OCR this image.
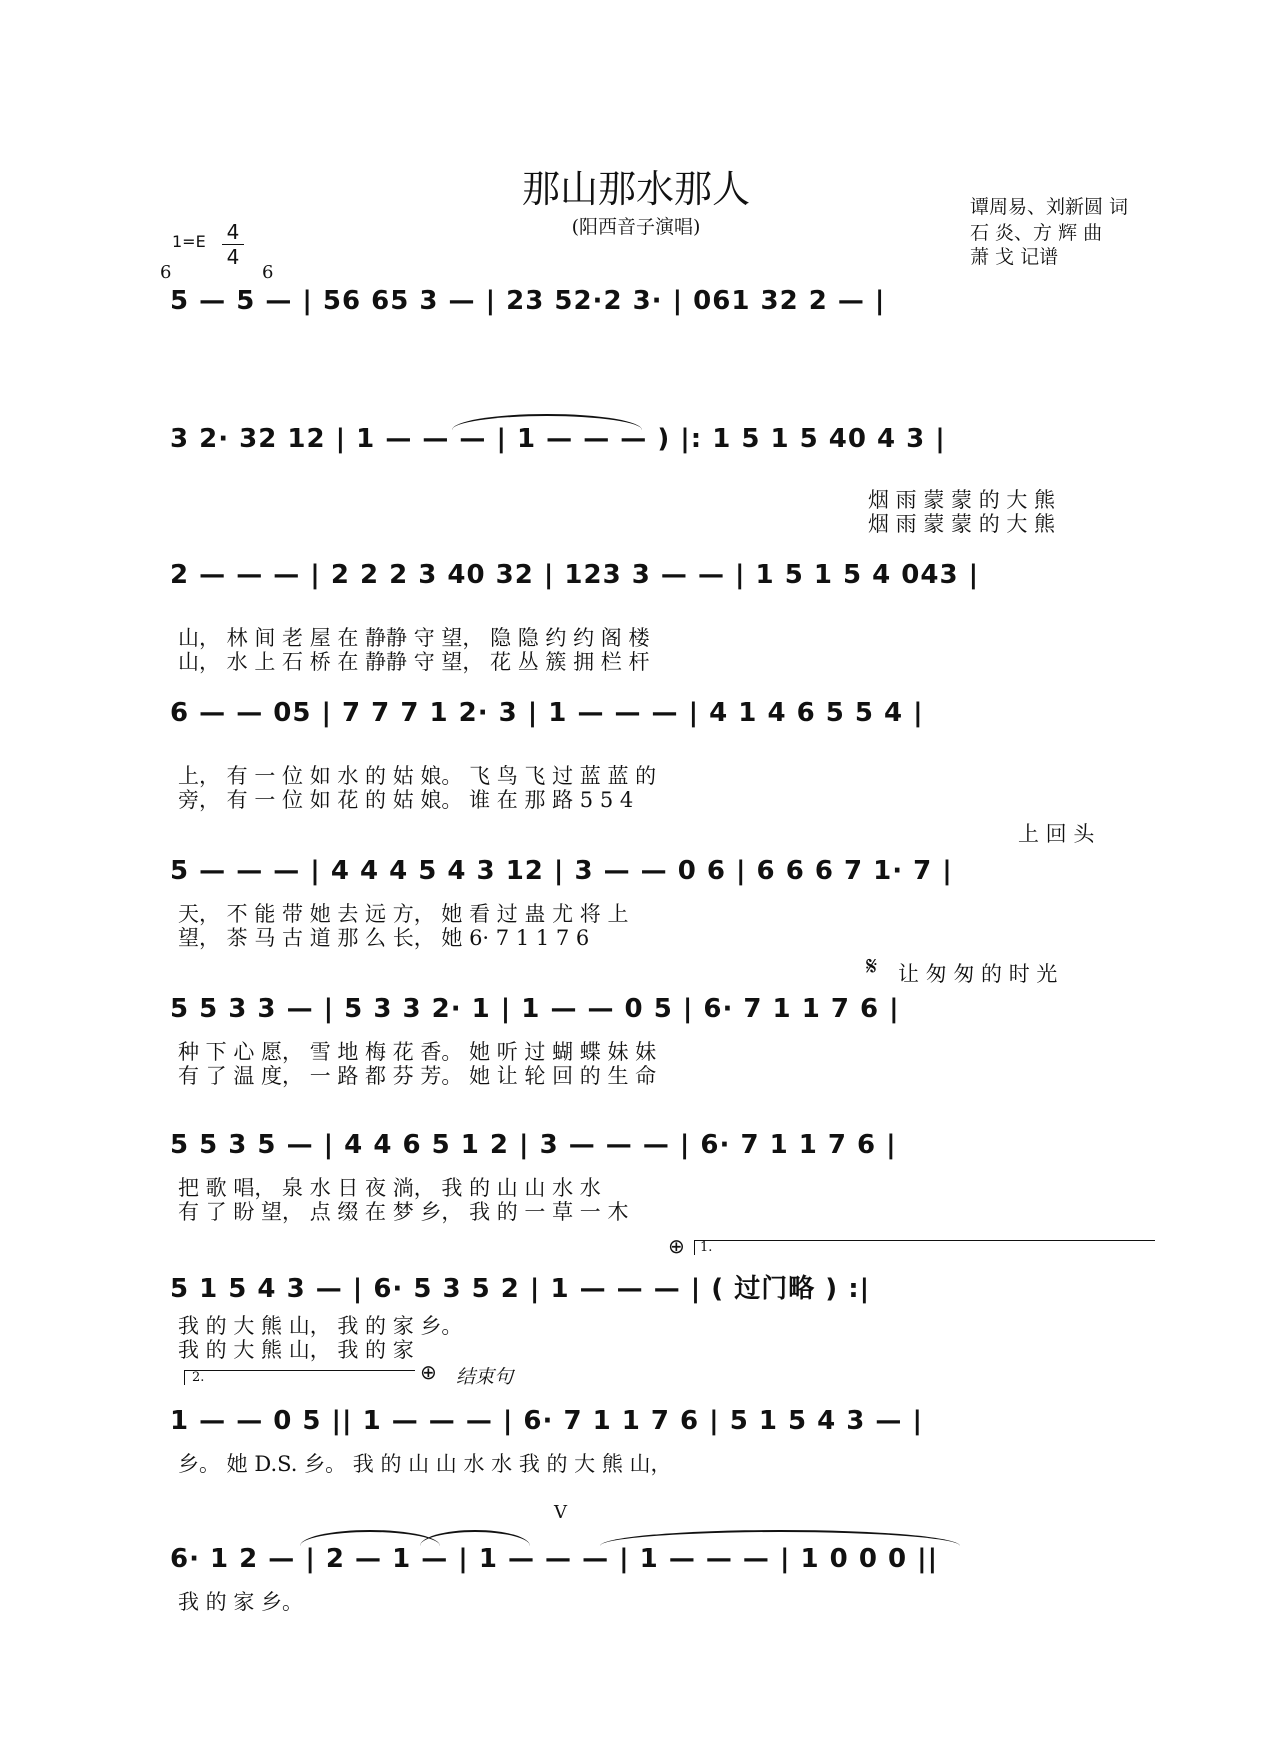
那山那水那人
(阳西音子演唱)
谭周易、刘新圆 词
石 炎、方 辉 曲
萧 戈 记谱
1=E 4
4
5 — 5 — | 56 65 3 — | 23 52·2 3· | 061 32 2 — |
6	6
3 2· 32 12 | 1 — — — | 1 — — — ) |: 1 5 1 5 40 4 3 |
烟 雨 蒙 蒙 的 大 熊
烟 雨 蒙 蒙 的 大 熊
2 — — — | 2 2 2 3 40 32 | 123 3 — — | 1 5 1 5 4 043 |
山， 林 间 老 屋 在 静静 守 望， 隐 隐 约 约 阁 楼
山， 水 上 石 桥 在 静静 守 望， 花 丛 簇 拥 栏 杆
6 — — 05 | 7 7 7 1 2· 3 | 1 — — — | 4 1 4 6 5 5 4 |
上， 有 一 位 如 水 的 姑 娘。 飞 鸟 飞 过 蓝 蓝 的
旁， 有 一 位 如 花 的 姑 娘。 谁 在 那 路 5 5 4
上 回 头
5 — — — | 4 4 4 5 4 3 12 | 3 — — 0 6 | 6 6 6 7 1· 7 |
天， 不 能 带 她 去 远 方， 她 看 过 蛊 尤 将 上
望， 茶 马 古 道 那 么 长， 她 6· 7 1 1 7 6
𝄋 让 匆 匆 的 时 光
5 5 3 3 — | 5 3 3 2· 1 | 1 — — 0 5 | 6· 7 1 1 7 6 |
种 下 心 愿， 雪 地 梅 花 香。 她 听 过 蝴 蝶 妹 妹
有 了 温 度， 一 路 都 芬 芳。 她 让 轮 回 的 生 命
5 5 3 5 — | 4 4 6 5 1 2 | 3 — — — | 6· 7 1 1 7 6 |
把 歌 唱， 泉 水 日 夜 淌， 我 的 山 山 水 水
有 了 盼 望， 点 缀 在 梦 乡， 我 的 一 草 一 木
1.
⊕
5 1 5 4 3 — | 6· 5 3 5 2 | 1 — — — | ( 过门略 ) :|
我 的 大 熊 山， 我 的 家 乡。
我 的 大 熊 山， 我 的 家
2.	⊕ 结束句
1 — — 0 5 || 1 — — — | 6· 7 1 1 7 6 | 5 1 5 4 3 — |
乡。 她 D.S. 乡。 我 的 山 山 水 水 我 的 大 熊 山，
V
6· 1 2 — | 2 — 1 — | 1 — — — | 1 — — — | 1 0 0 0 ||
我 的 家 乡。
